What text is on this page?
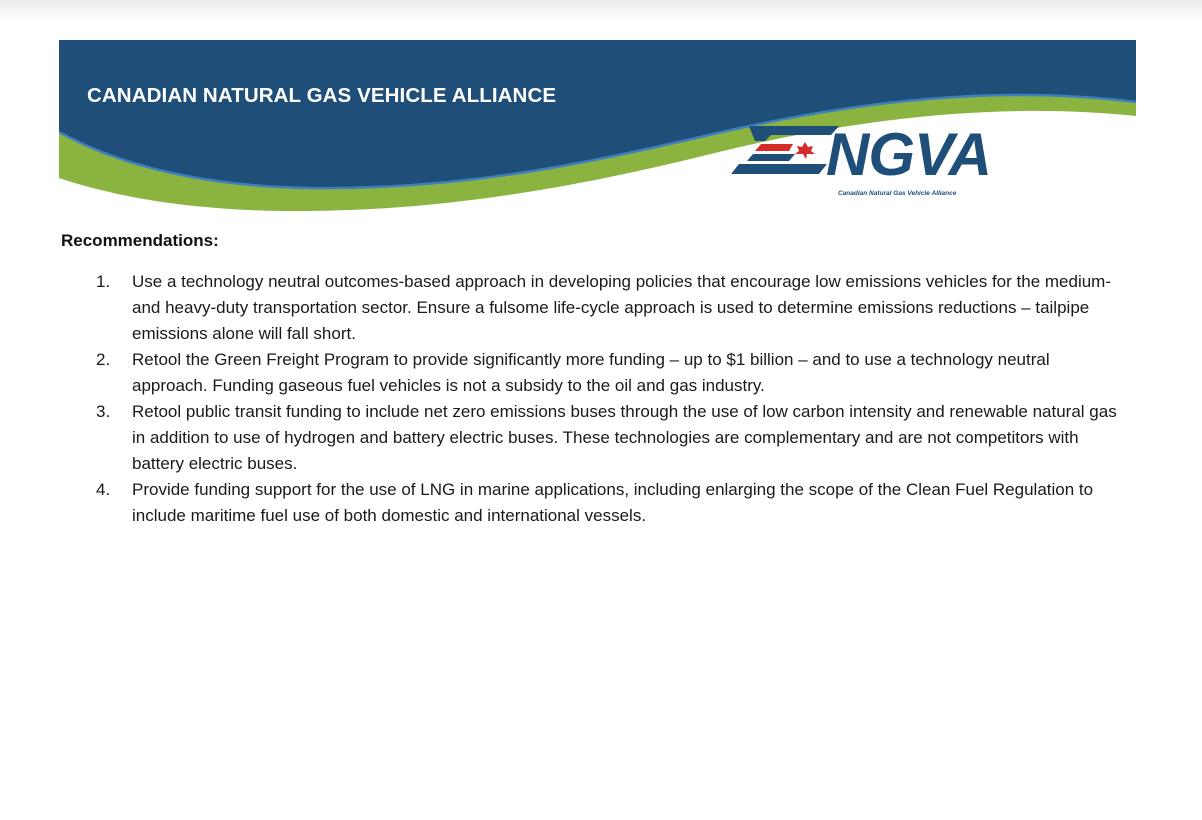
CANADIAN NATURAL GAS VEHICLE ALLIANCE
NGVA
Canadian Natural Gas Vehicle Alliance
Recommendations:
1. Use a technology neutral outcomes-based approach in developing policies that encourage low emissions vehicles for the medium- and heavy-duty transportation sector. Ensure a fulsome life-cycle approach is used to determine emissions reductions – tailpipe emissions alone will fall short.
2. Retool the Green Freight Program to provide significantly more funding – up to $1 billion – and to use a technology neutral approach. Funding gaseous fuel vehicles is not a subsidy to the oil and gas industry.
3. Retool public transit funding to include net zero emissions buses through the use of low carbon intensity and renewable natural gas in addition to use of hydrogen and battery electric buses. These technologies are complementary and are not competitors with battery electric buses.
4. Provide funding support for the use of LNG in marine applications, including enlarging the scope of the Clean Fuel Regulation to include maritime fuel use of both domestic and international vessels.
